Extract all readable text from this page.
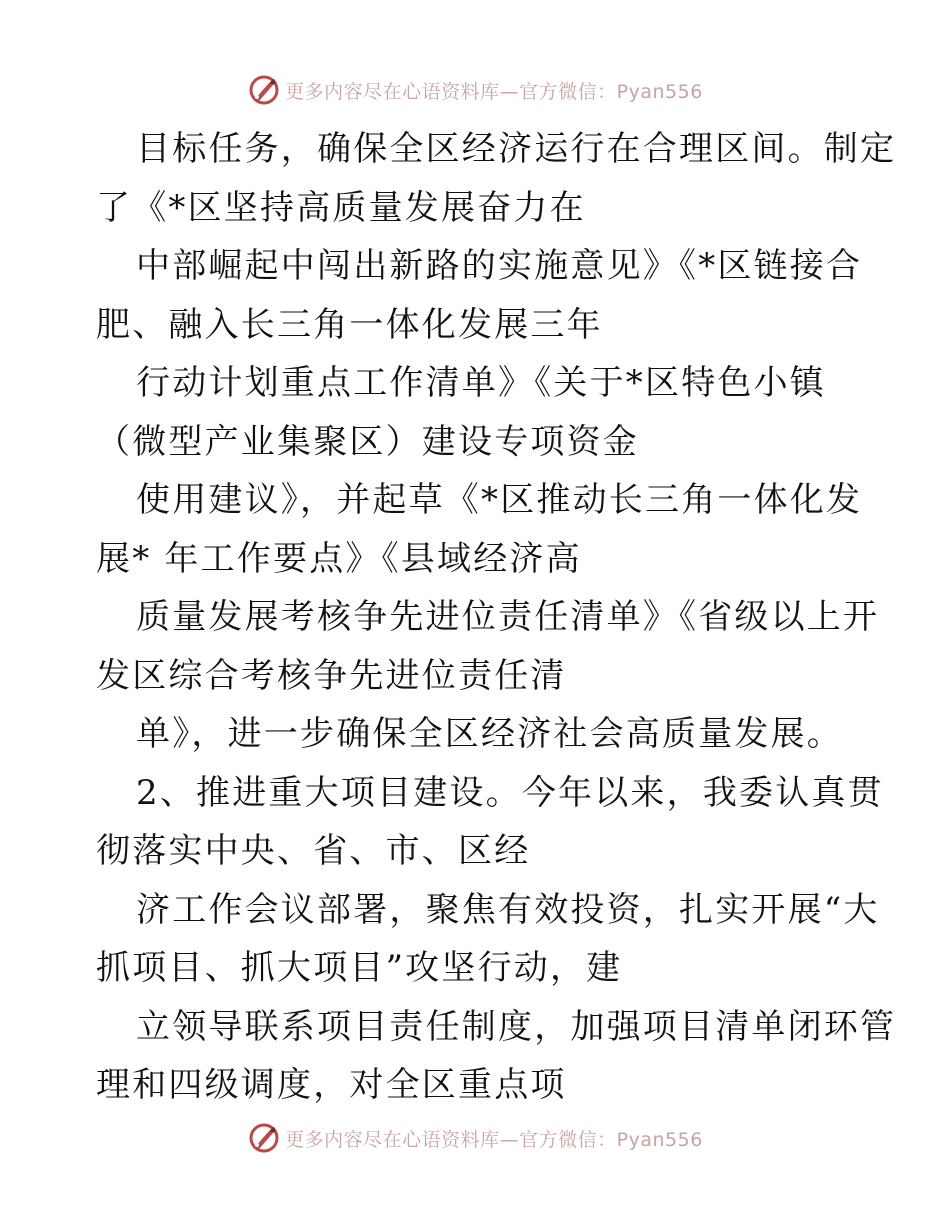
更多内容尽在心语资料库—官方微信：Pyan556
目标任务，确保全区经济运行在合理区间。制定
了《*区坚持高质量发展奋力在
中部崛起中闯出新路的实施意见》《*区链接合
肥、融入长三角一体化发展三年
行动计划重点工作清单》《关于*区特色小镇
（微型产业集聚区）建设专项资金
使用建议》，并起草《*区推动长三角一体化发
展* 年工作要点》《县域经济高
质量发展考核争先进位责任清单》《省级以上开
发区综合考核争先进位责任清
单》，进一步确保全区经济社会高质量发展。
2、推进重大项目建设。今年以来，我委认真贯
彻落实中央、省、市、区经
济工作会议部署，聚焦有效投资，扎实开展“大
抓项目、抓大项目”攻坚行动，建
立领导联系项目责任制度，加强项目清单闭环管
理和四级调度，对全区重点项
更多内容尽在心语资料库—官方微信：Pyan556
